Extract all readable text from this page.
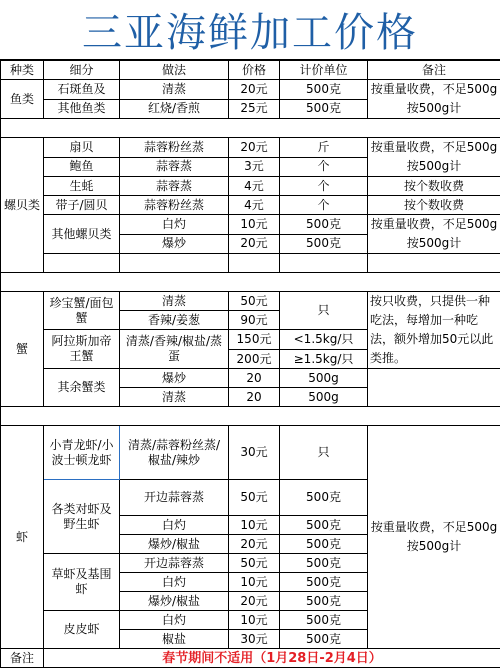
三亚海鲜加工价格
种类	细分	做法	价格	计价单位	备注
鱼类	石斑鱼及	清蒸	20元	500克	按重量收费，不足500g按500g计
	其他鱼类	红烧/香煎	25元	500克	

螺贝类	扇贝	蒜蓉粉丝蒸	20元	斤	按重量收费，不足500g按500g计
	鲍鱼	蒜蓉蒸	3元	个	
	生蚝	蒜蓉蒸	4元	个	按个数收费
	带子/圆贝	蒜蓉粉丝蒸	4元	个	按个数收费
	其他螺贝类	白灼	10元	500克	按重量收费，不足500g按500g计
		爆炒	20元	500克	

蟹	珍宝蟹/面包蟹	清蒸	50元	只	按只收费，只提供一种吃法，每增加一种吃法，额外增加50元以此类推。
		香辣/姜葱	90元		
	阿拉斯加帝王蟹	清蒸/香辣/椒盐/蒸蛋	150元	<1.5kg/只	
			200元	≥1.5kg/只	
	其余蟹类	爆炒	20	500g	
		清蒸	20	500g	

虾	小青龙虾/小波士顿龙虾	清蒸/蒜蓉粉丝蒸/椒盐/辣炒	30元	只	按重量收费，不足500g按500g计
	各类对虾及野生虾	开边蒜蓉蒸	50元	500克	
		白灼	10元	500克	
		爆炒/椒盐	20元	500克	
	草虾及基围虾	开边蒜蓉蒸	50元	500克	
		白灼	10元	500克	
		爆炒/椒盐	20元	500克	
	皮皮虾	白灼	10元	500克	
		椒盐	30元	500克	
备注	春节期间不适用（1月28日-2月4日）				
